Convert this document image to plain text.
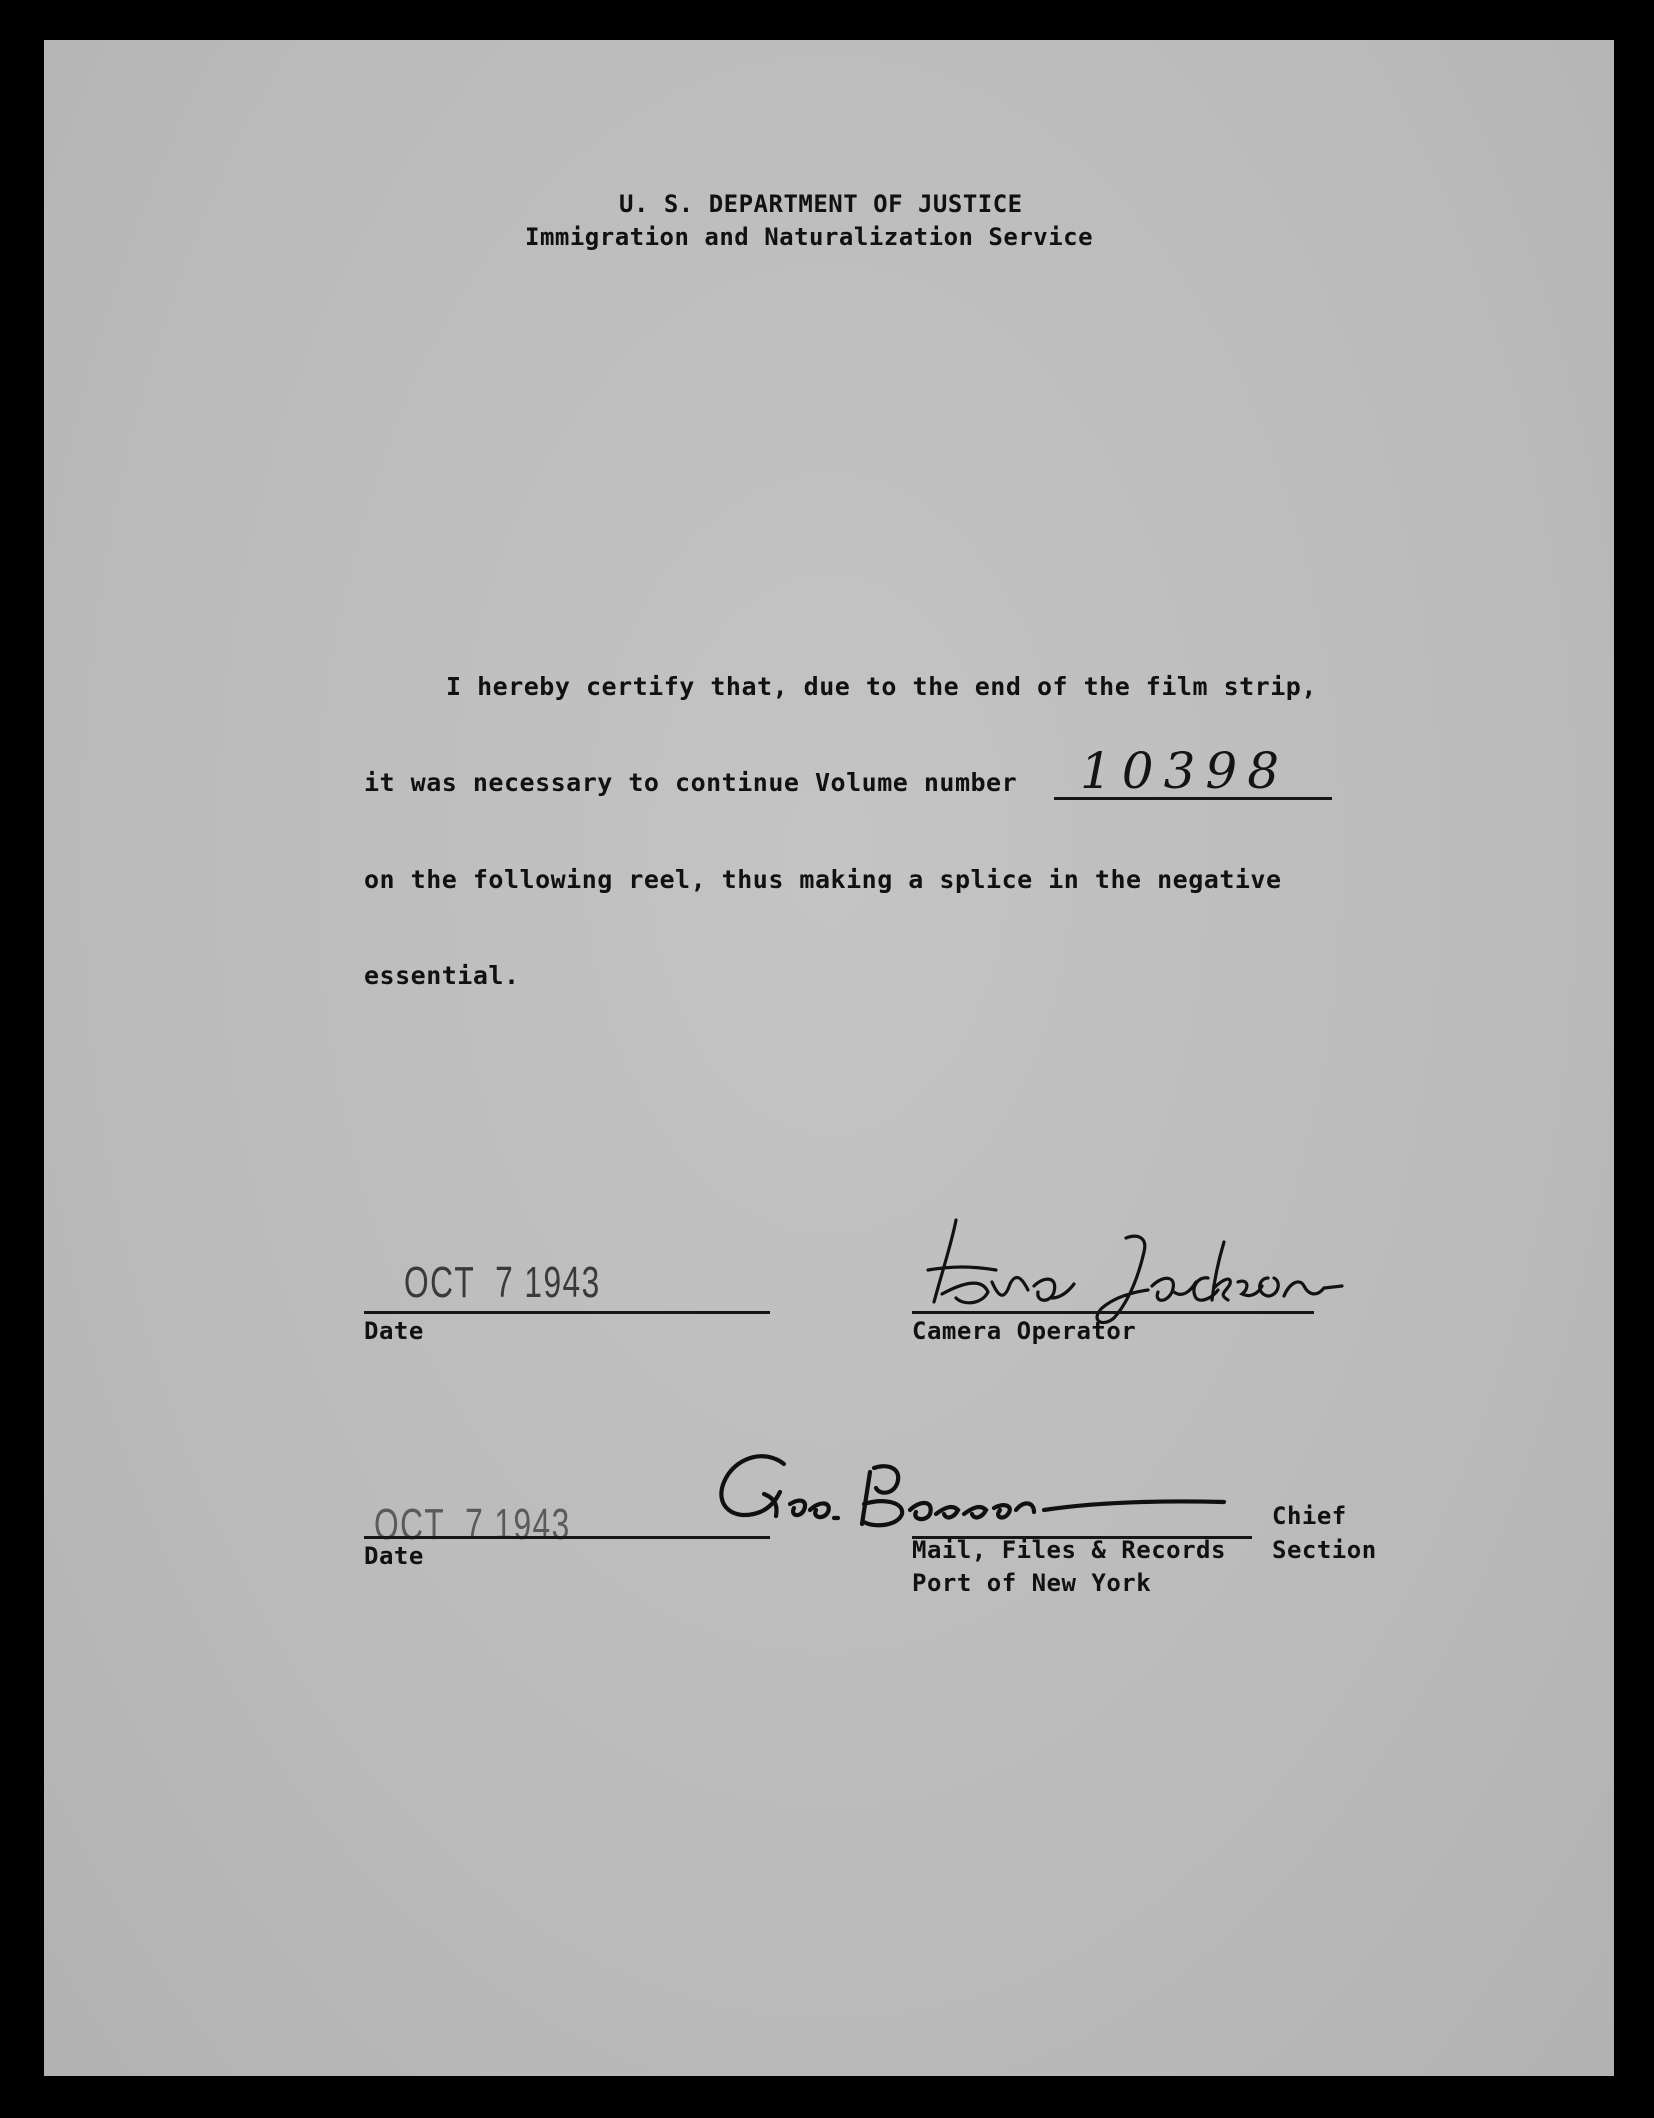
U. S. DEPARTMENT OF JUSTICE
Immigration and Naturalization Service
I hereby certify that, due to the end of the film strip,
it was necessary to continue Volume number 10398
on the following reel, thus making a splice in the negative
essential.
OCT  7 1943
Date	Camera Operator
OCT  7 1943
Date
Chief
Mail, Files & Records Section
Port of New York
